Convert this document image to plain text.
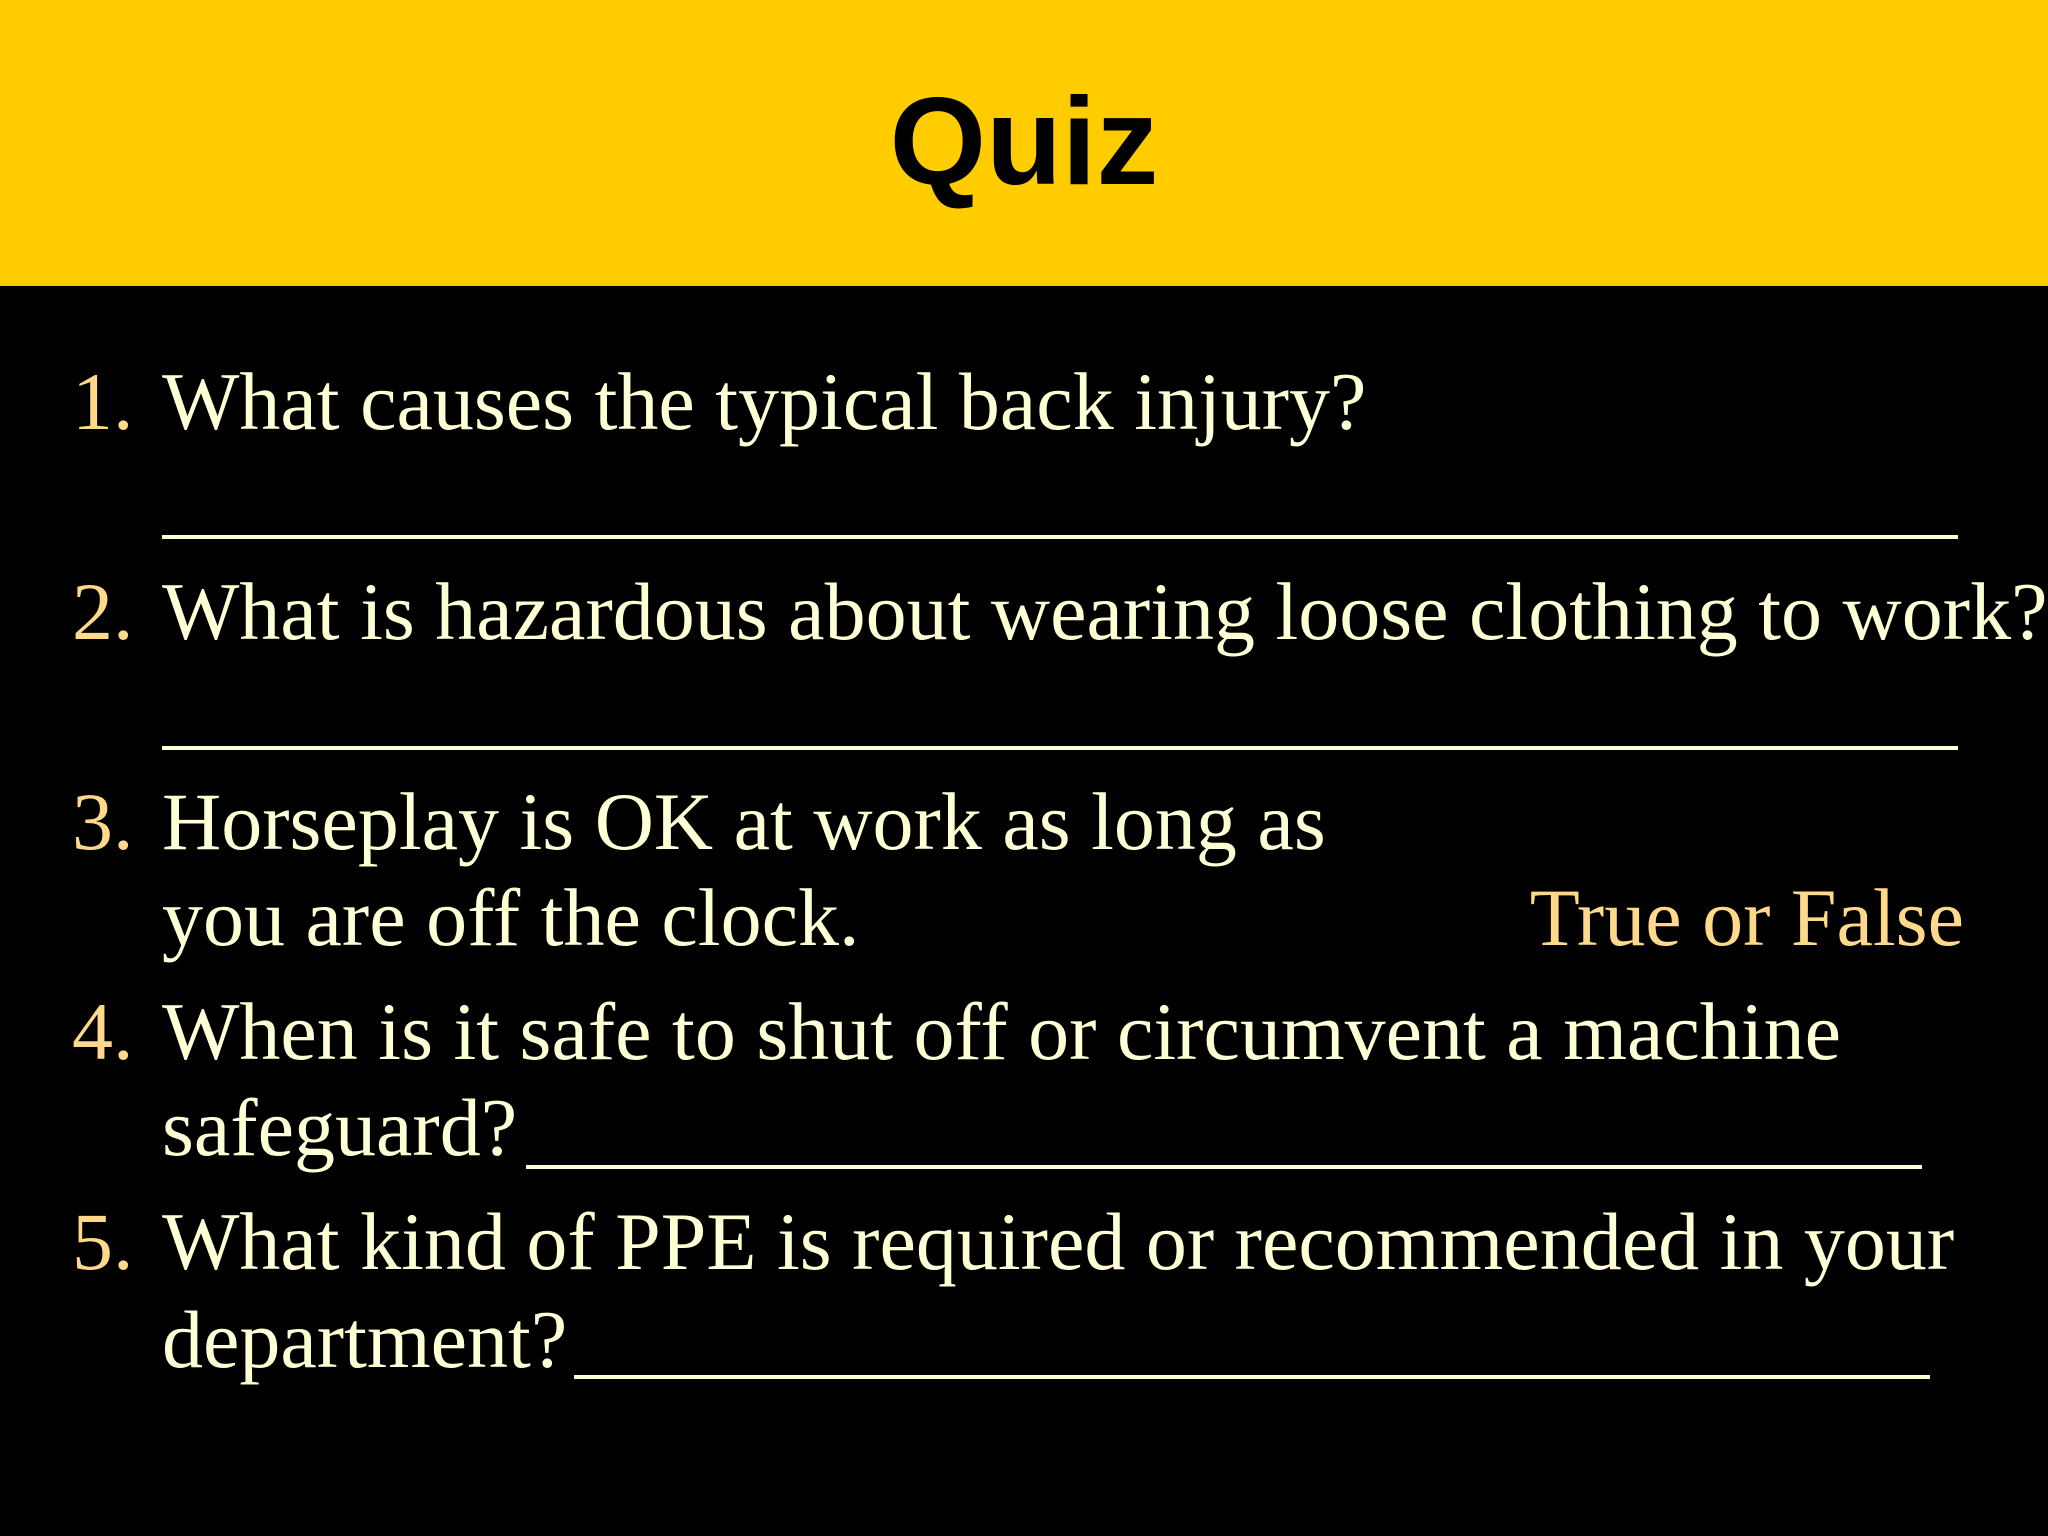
Quiz
1. What causes the typical back injury?
2. What is hazardous about wearing loose clothing to work?
3. Horseplay is OK at work as long as
you are off the clock.	True or False
4. When is it safe to shut off or circumvent a machine
safeguard?
5. What kind of PPE is required or recommended in your
department?
